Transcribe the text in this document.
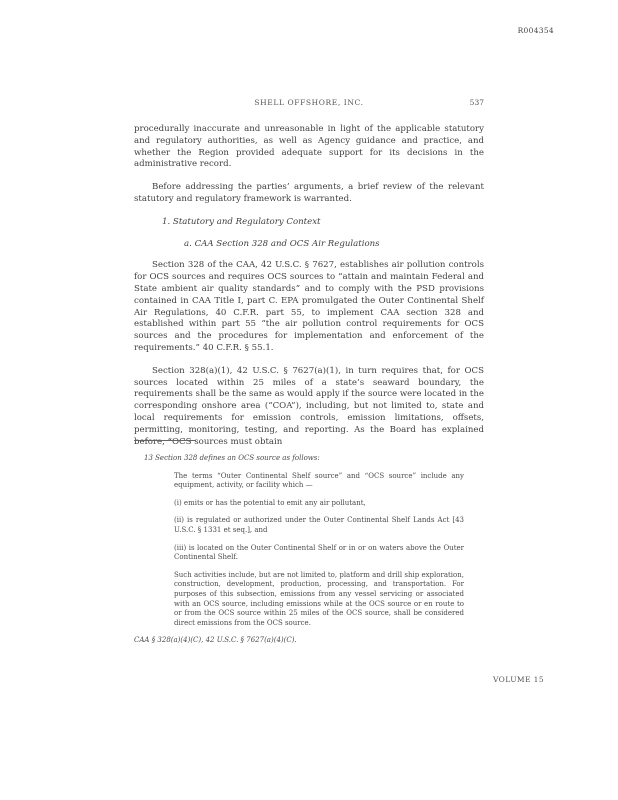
R004354
SHELL OFFSHORE, INC.	537

procedurally inaccurate and unreasonable in light of the applicable statutory and regulatory authorities, as well as Agency guidance and practice, and whether the Region provided adequate support for its decisions in the administrative record.

Before addressing the parties’ arguments, a brief review of the relevant statutory and regulatory framework is warranted.

1. Statutory and Regulatory Context
a. CAA Section 328 and OCS Air Regulations

Section 328 of the CAA, 42 U.S.C. § 7627, establishes air pollution controls for OCS sources and requires OCS sources to “attain and maintain Federal and State ambient air quality standards” and to comply with the PSD provisions contained in CAA Title I, part C. EPA promulgated the Outer Continental Shelf Air Regulations, 40 C.F.R. part 55, to implement CAA section 328 and established within part 55 “the air pollution control requirements for OCS sources and the procedures for implementation and enforcement of the requirements.” 40 C.F.R. § 55.1.

Section 328(a)(1), 42 U.S.C. § 7627(a)(1), in turn requires that, for OCS sources located within 25 miles of a state’s seaward boundary, the requirements shall be the same as would apply if the source were located in the corresponding onshore area (“COA”), including, but not limited to, state and local requirements for emission controls, emission limitations, offsets, permitting, monitoring, testing, and reporting. As the Board has explained before, “OCS sources must obtain

13 Section 328 defines an OCS source as follows:

The terms “Outer Continental Shelf source” and “OCS source” include any equipment, activity, or facility which —

(i) emits or has the potential to emit any air pollutant,

(ii) is regulated or authorized under the Outer Continental Shelf Lands Act [43 U.S.C. § 1331 et seq.], and

(iii) is located on the Outer Continental Shelf or in or on waters above the Outer Continental Shelf.

Such activities include, but are not limited to, platform and drill ship exploration, construction, development, production, processing, and transportation. For purposes of this subsection, emissions from any vessel servicing or associated with an OCS source, including emissions while at the OCS source or en route to or from the OCS source within 25 miles of the OCS source, shall be considered direct emissions from the OCS source.

CAA § 328(a)(4)(C), 42 U.S.C. § 7627(a)(4)(C).

VOLUME 15
